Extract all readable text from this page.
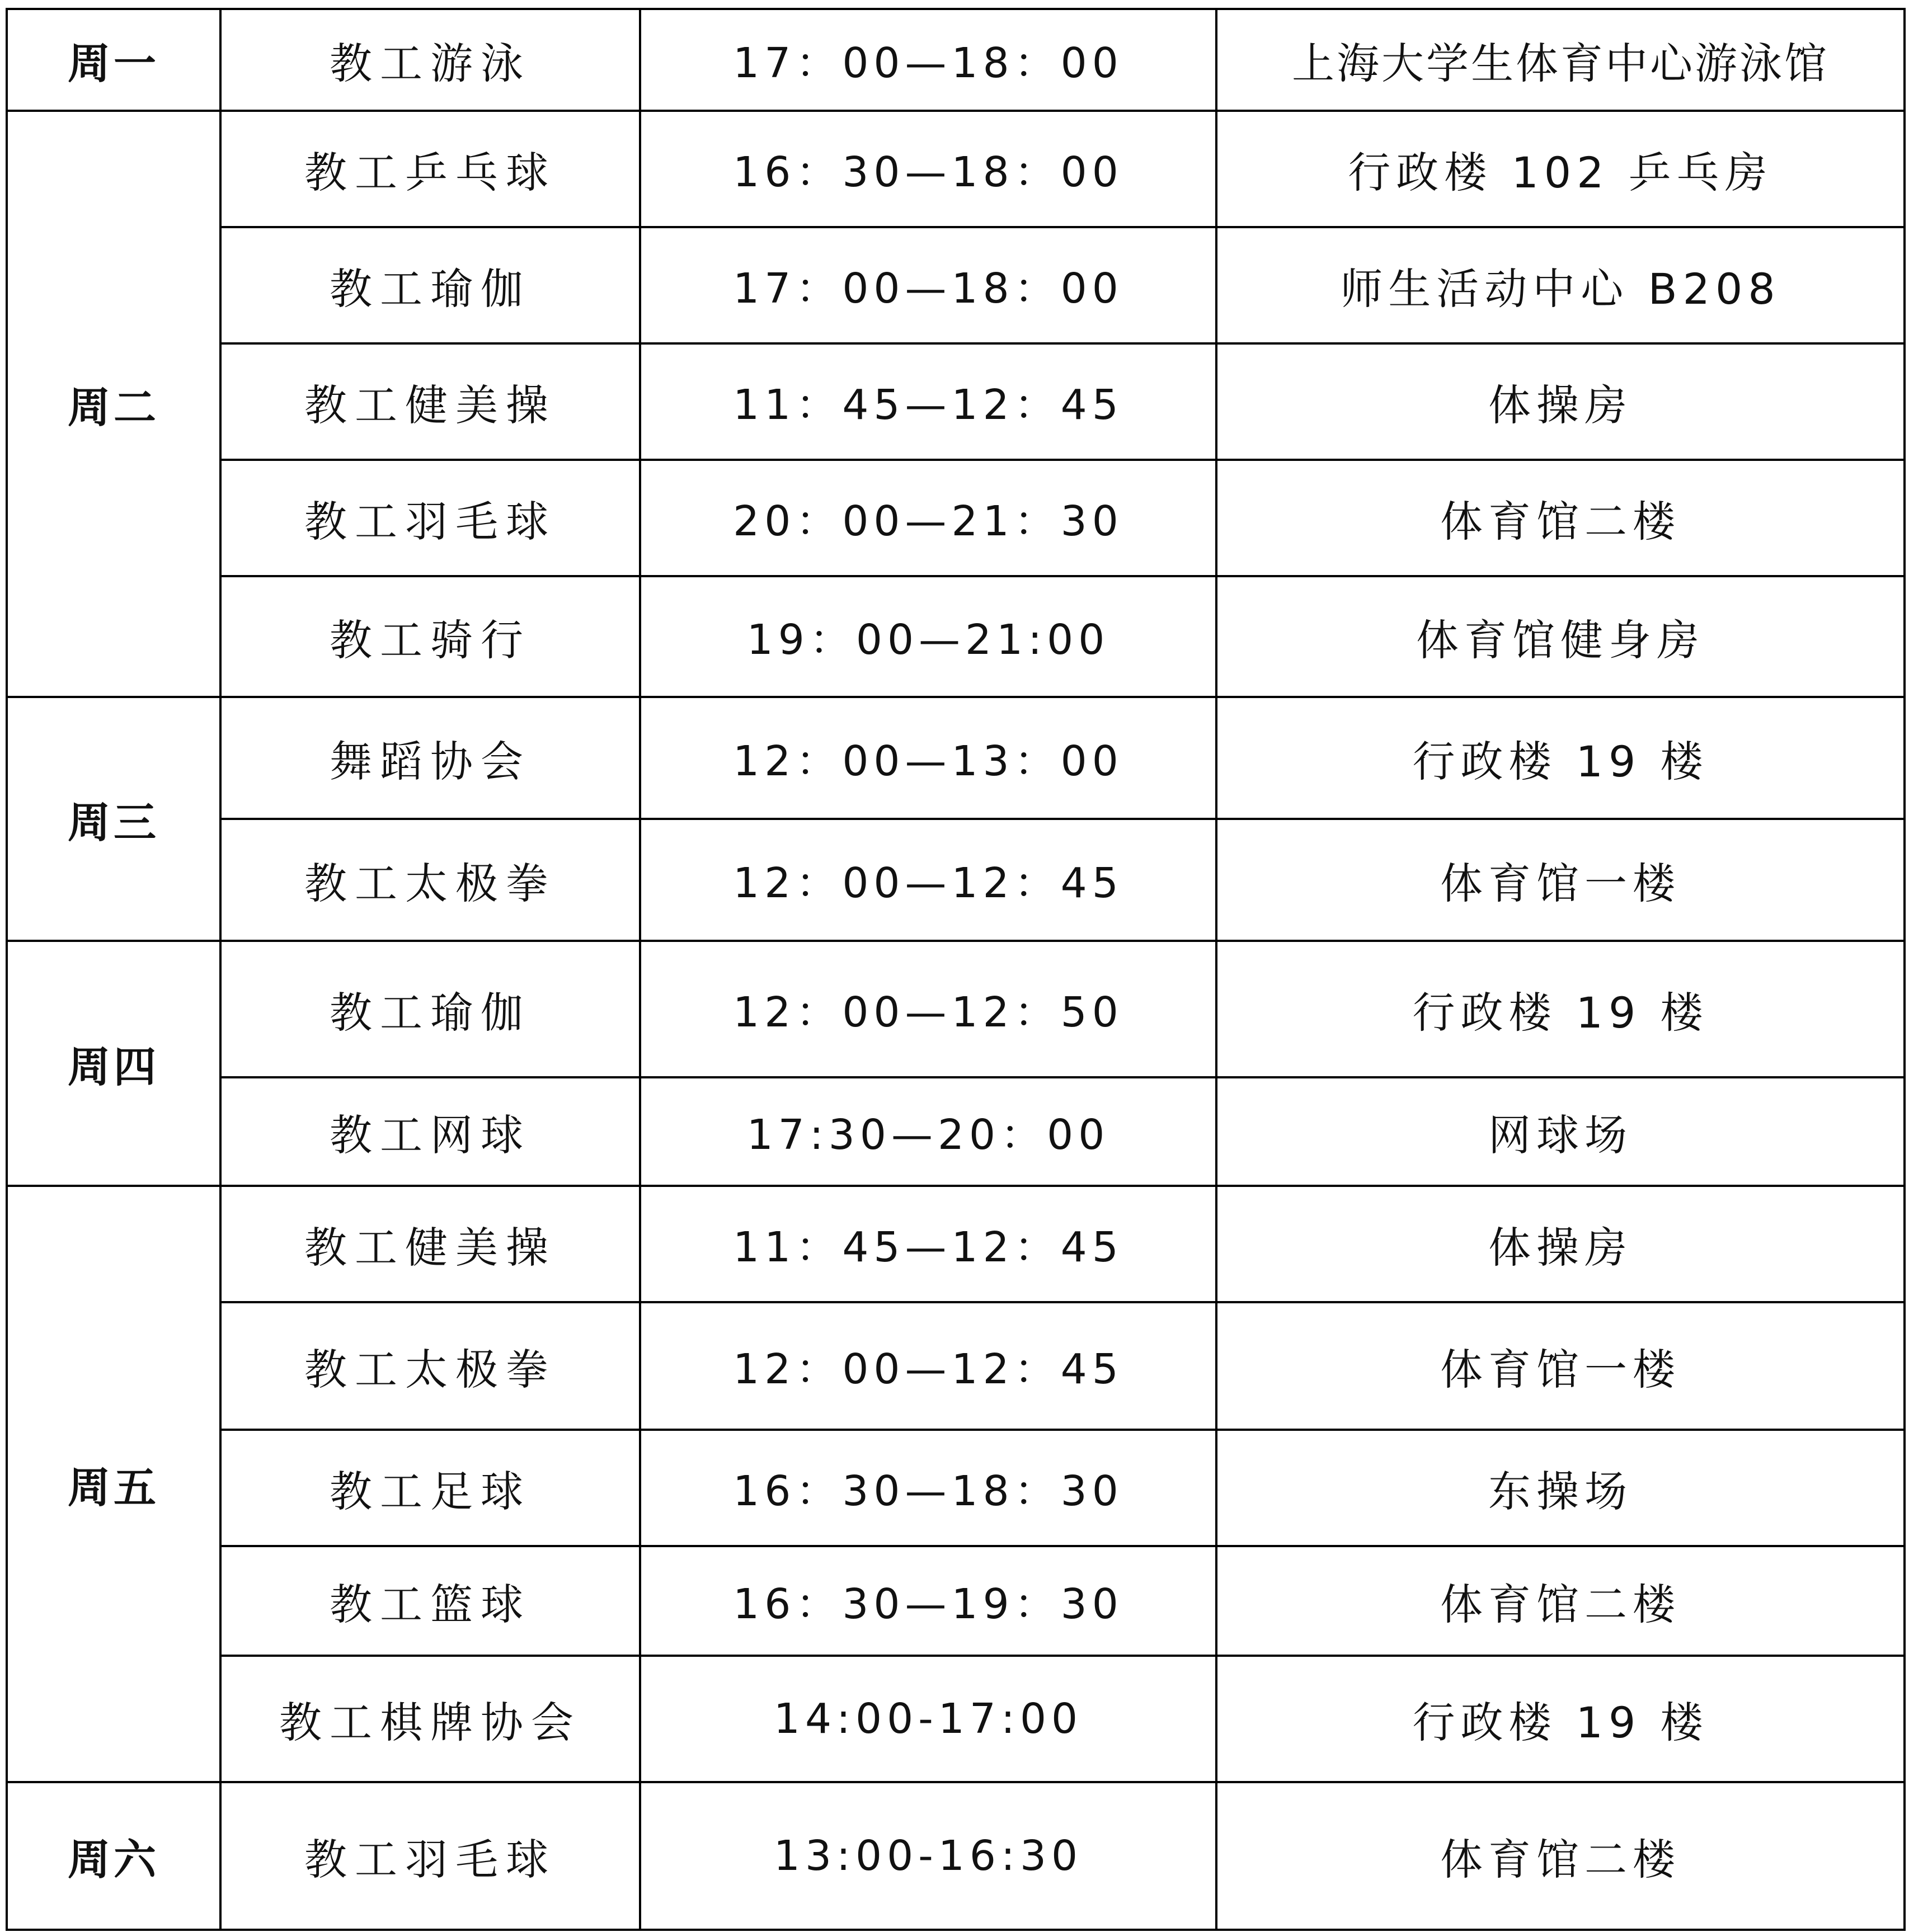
周一	教工游泳	17：00—18：00	上海大学生体育中心游泳馆
周二	教工乒乓球	16：30—18：00	行政楼 102 乒乓房
	教工瑜伽	17：00—18：00	师生活动中心 B208
	教工健美操	11：45—12：45	体操房
	教工羽毛球	20：00—21：30	体育馆二楼
	教工骑行	19：00—21:00	体育馆健身房
周三	舞蹈协会	12：00—13：00	行政楼 19 楼
	教工太极拳	12：00—12：45	体育馆一楼
周四	教工瑜伽	12：00—12：50	行政楼 19 楼
	教工网球	17:30—20：00	网球场
周五	教工健美操	11：45—12：45	体操房
	教工太极拳	12：00—12：45	体育馆一楼
	教工足球	16：30—18：30	东操场
	教工篮球	16：30—19：30	体育馆二楼
	教工棋牌协会	14:00-17:00	行政楼 19 楼
周六	教工羽毛球	13:00-16:30	体育馆二楼
